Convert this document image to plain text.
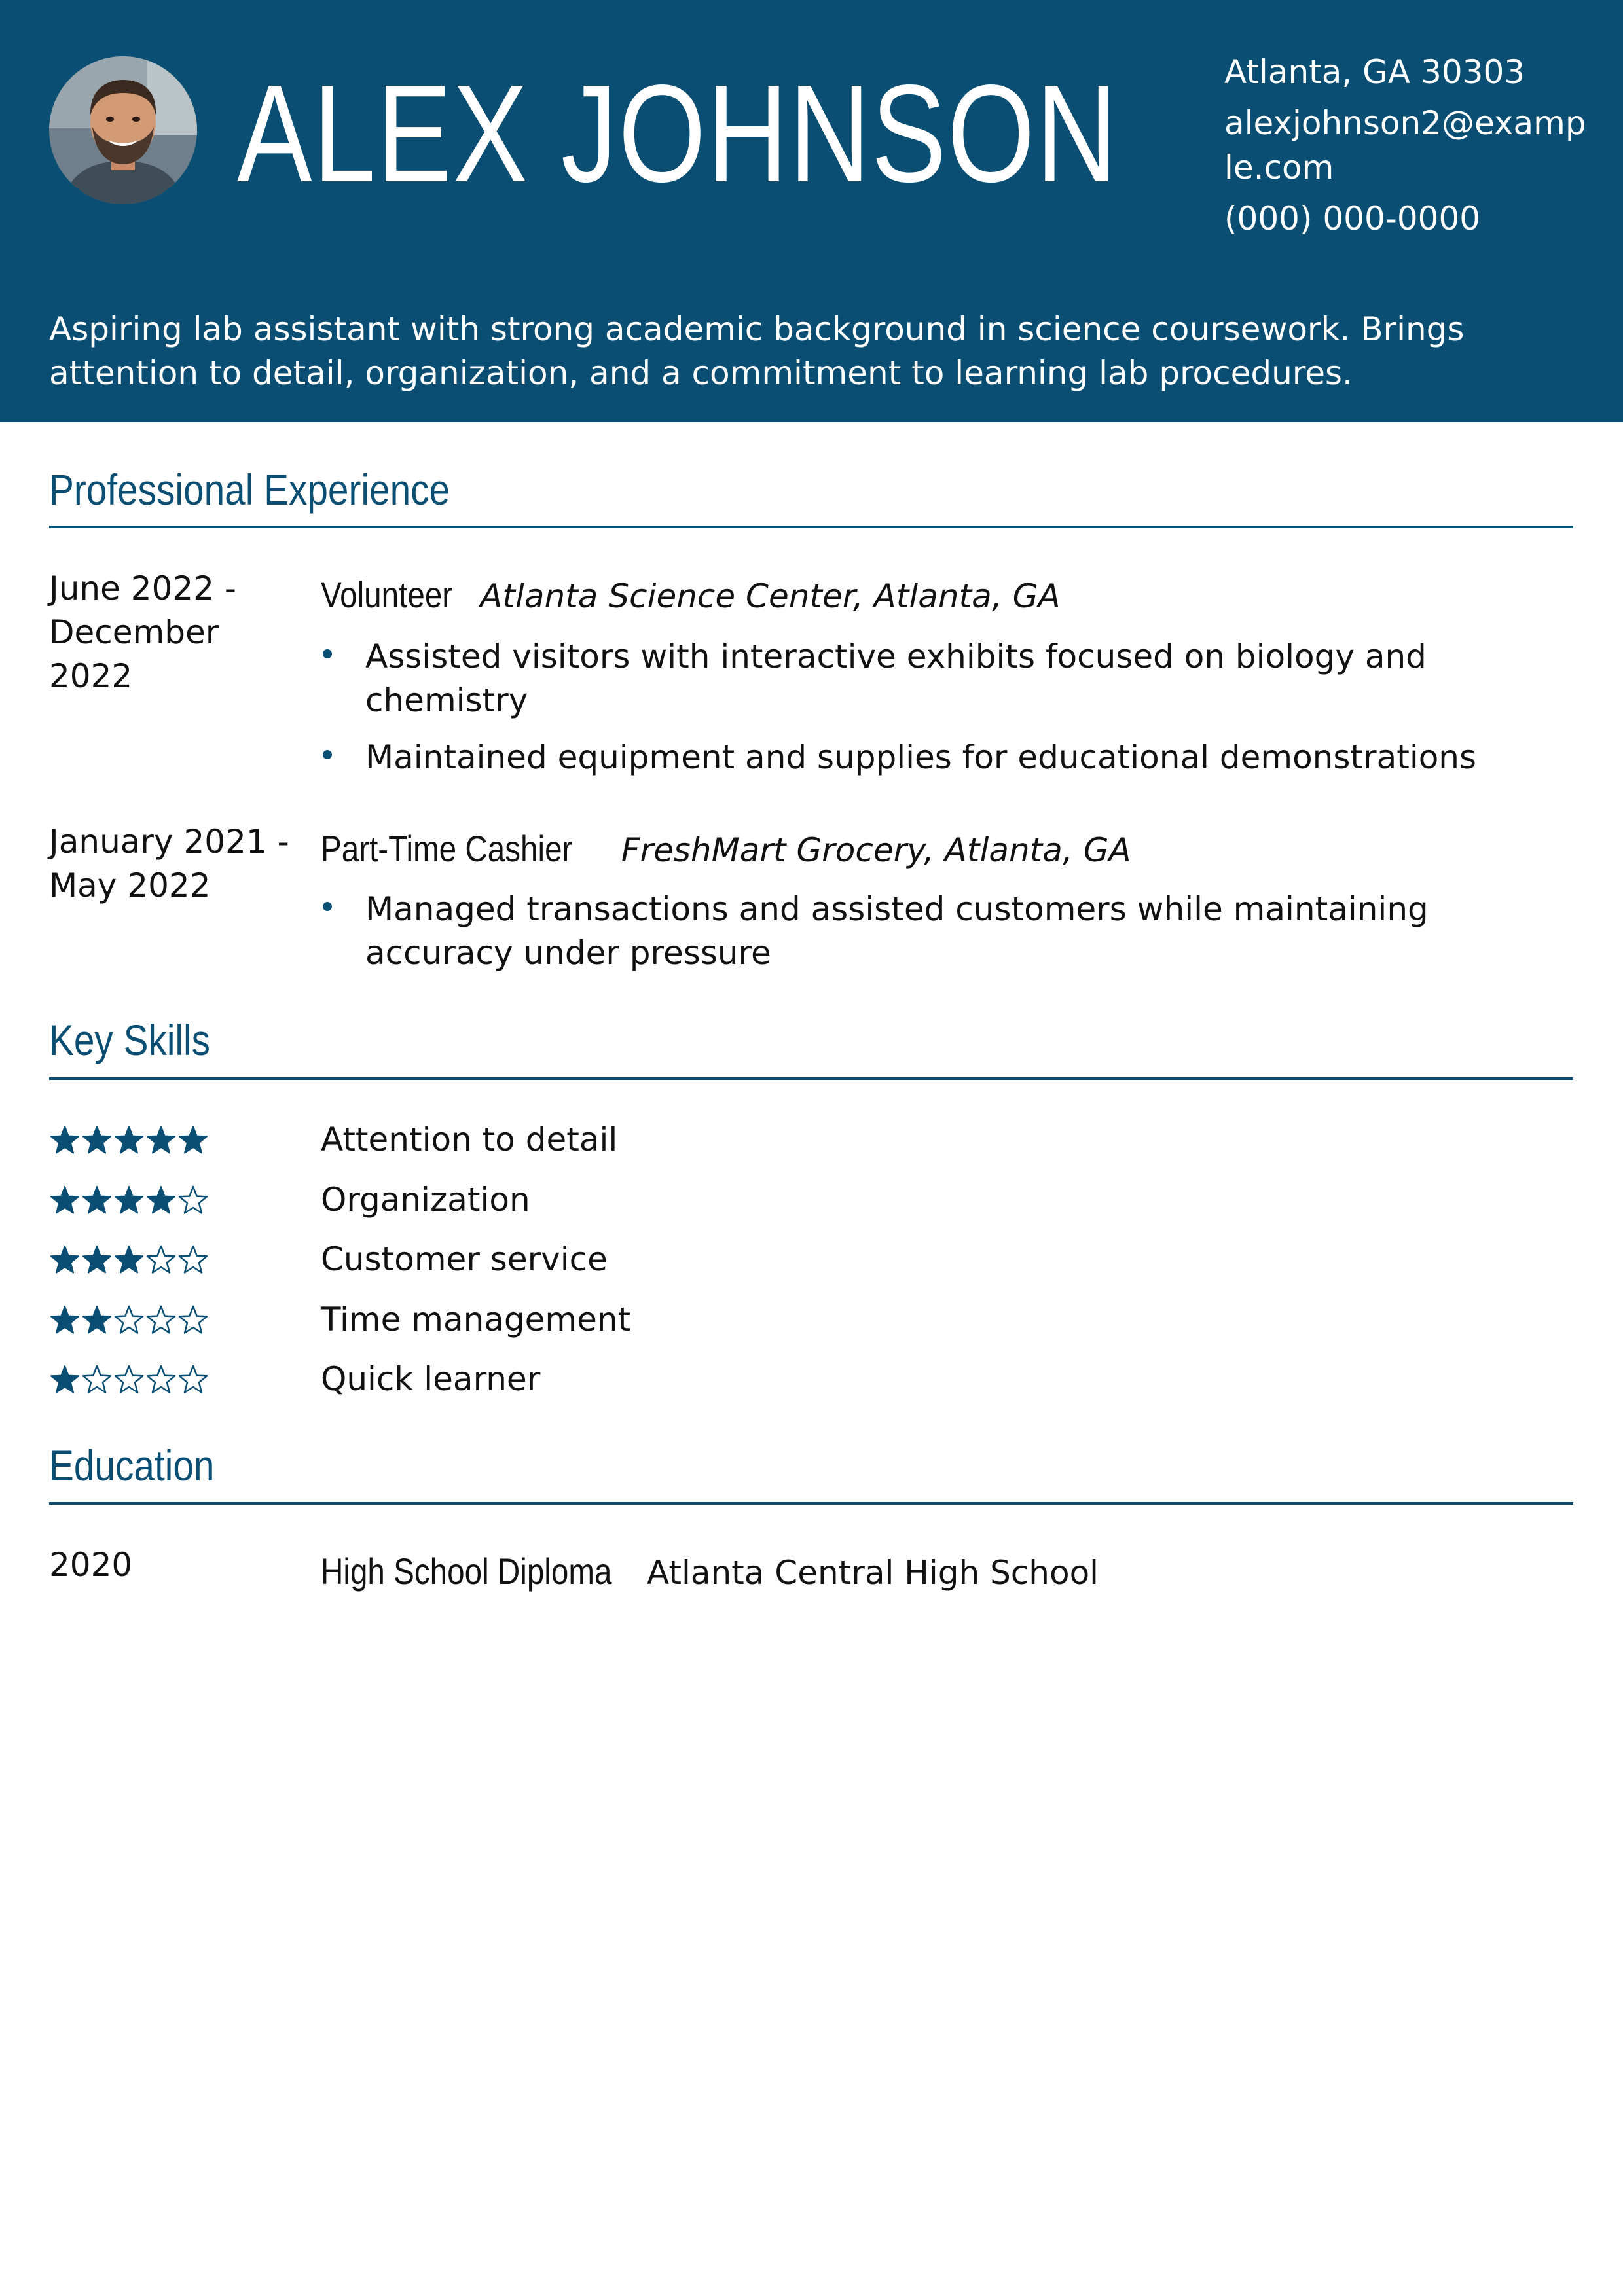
ALEX JOHNSON	Atlanta, GA 30303
alexjohnson2@example.com
(000) 000-0000
Aspiring lab assistant with strong academic background in science coursework. Brings attention to detail, organization, and a commitment to learning lab procedures.
Professional Experience
June 2022 - December 2022
Volunteer Atlanta Science Center, Atlanta, GA
Assisted visitors with interactive exhibits focused on biology and chemistry
Maintained equipment and supplies for educational demonstrations
January 2021 - May 2022
Part-Time Cashier FreshMart Grocery, Atlanta, GA
Managed transactions and assisted customers while maintaining accuracy under pressure
Key Skills
Attention to detail
Organization
Customer service
Time management
Quick learner
Education
2020	High School Diploma Atlanta Central High School
